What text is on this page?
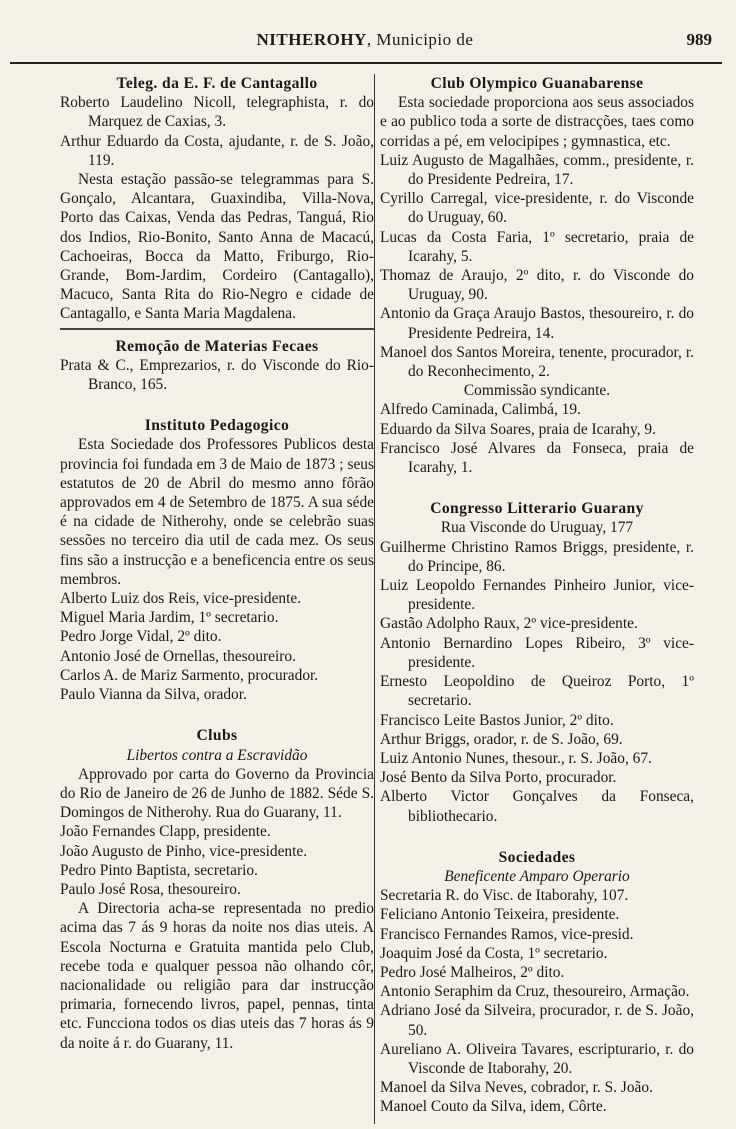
NITHEROHY, Municipio de	989
Teleg. da E. F. de Cantagallo
Roberto Laudelino Nicoll, telegraphista, r. do Marquez de Caxias, 3.
Arthur Eduardo da Costa, ajudante, r. de S. João, 119.
Nesta estação passão-se telegrammas para S. Gonçalo, Alcantara, Guaxindiba, Villa-Nova, Porto das Caixas, Venda das Pedras, Tanguá, Rio dos Indios, Rio-Bonito, Santo Anna de Macacú, Cachoeiras, Bocca da Matto, Friburgo, Rio-Grande, Bom-Jardim, Cordeiro (Cantagallo), Macuco, Santa Rita do Rio-Negro e cidade de Cantagallo, e Santa Maria Magdalena.
Remoção de Materias Fecaes
Prata & C., Emprezarios, r. do Visconde do Rio-Branco, 165.
Instituto Pedagogico
Esta Sociedade dos Professores Publicos desta provincia foi fundada em 3 de Maio de 1873 ; seus estatutos de 20 de Abril do mesmo anno fôrão approvados em 4 de Setembro de 1875. A sua séde é na cidade de Nitherohy, onde se celebrão suas sessões no terceiro dia util de cada mez. Os seus fins são a instrucção e a beneficencia entre os seus membros.
Alberto Luiz dos Reis, vice-presidente.
Miguel Maria Jardim, 1º secretario.
Pedro Jorge Vidal, 2º dito.
Antonio José de Ornellas, thesoureiro.
Carlos A. de Mariz Sarmento, procurador.
Paulo Vianna da Silva, orador.
Clubs
Libertos contra a Escravidão
Approvado por carta do Governo da Provincia do Rio de Janeiro de 26 de Junho de 1882. Séde S. Domingos de Nitherohy. Rua do Guarany, 11.
João Fernandes Clapp, presidente.
João Augusto de Pinho, vice-presidente.
Pedro Pinto Baptista, secretario.
Paulo José Rosa, thesoureiro.
A Directoria acha-se representada no predio acima das 7 ás 9 horas da noite nos dias uteis. A Escola Nocturna e Gratuita mantida pelo Club, recebe toda e qualquer pessoa não olhando côr, nacionalidade ou religião para dar instrucção primaria, fornecendo livros, papel, pennas, tinta etc. Funcciona todos os dias uteis das 7 horas ás 9 da noite á r. do Guarany, 11.
Club Olympico Guanabarense
Esta sociedade proporciona aos seus associados e ao publico toda a sorte de distracções, taes como corridas a pé, em velocipipes ; gymnastica, etc.
Luiz Augusto de Magalhães, comm., presidente, r. do Presidente Pedreira, 17.
Cyrillo Carregal, vice-presidente, r. do Visconde do Uruguay, 60.
Lucas da Costa Faria, 1º secretario, praia de Icarahy, 5.
Thomaz de Araujo, 2º dito, r. do Visconde do Uruguay, 90.
Antonio da Graça Araujo Bastos, thesoureiro, r. do Presidente Pedreira, 14.
Manoel dos Santos Moreira, tenente, procurador, r. do Reconhecimento, 2.
Commissão syndicante.
Alfredo Caminada, Calimbá, 19.
Eduardo da Silva Soares, praia de Icarahy, 9.
Francisco José Alvares da Fonseca, praia de Icarahy, 1.
Congresso Litterario Guarany
Rua Visconde do Uruguay, 177
Guilherme Christino Ramos Briggs, presidente, r. do Principe, 86.
Luiz Leopoldo Fernandes Pinheiro Junior, vice-presidente.
Gastão Adolpho Raux, 2º vice-presidente.
Antonio Bernardino Lopes Ribeiro, 3º vice-presidente.
Ernesto Leopoldino de Queiroz Porto, 1º secretario.
Francisco Leite Bastos Junior, 2º dito.
Arthur Briggs, orador, r. de S. João, 69.
Luiz Antonio Nunes, thesour., r. S. João, 67.
José Bento da Silva Porto, procurador.
Alberto Victor Gonçalves da Fonseca, bibliothecario.
Sociedades
Beneficente Amparo Operario
Secretaria R. do Visc. de Itaborahy, 107.
Feliciano Antonio Teixeira, presidente.
Francisco Fernandes Ramos, vice-presid.
Joaquim José da Costa, 1º secretario.
Pedro José Malheiros, 2º dito.
Antonio Seraphim da Cruz, thesoureiro, Armação.
Adriano José da Silveira, procurador, r. de S. João, 50.
Aureliano A. Oliveira Tavares, escripturario, r. do Visconde de Itaborahy, 20.
Manoel da Silva Neves, cobrador, r. S. João.
Manoel Couto da Silva, idem, Côrte.
